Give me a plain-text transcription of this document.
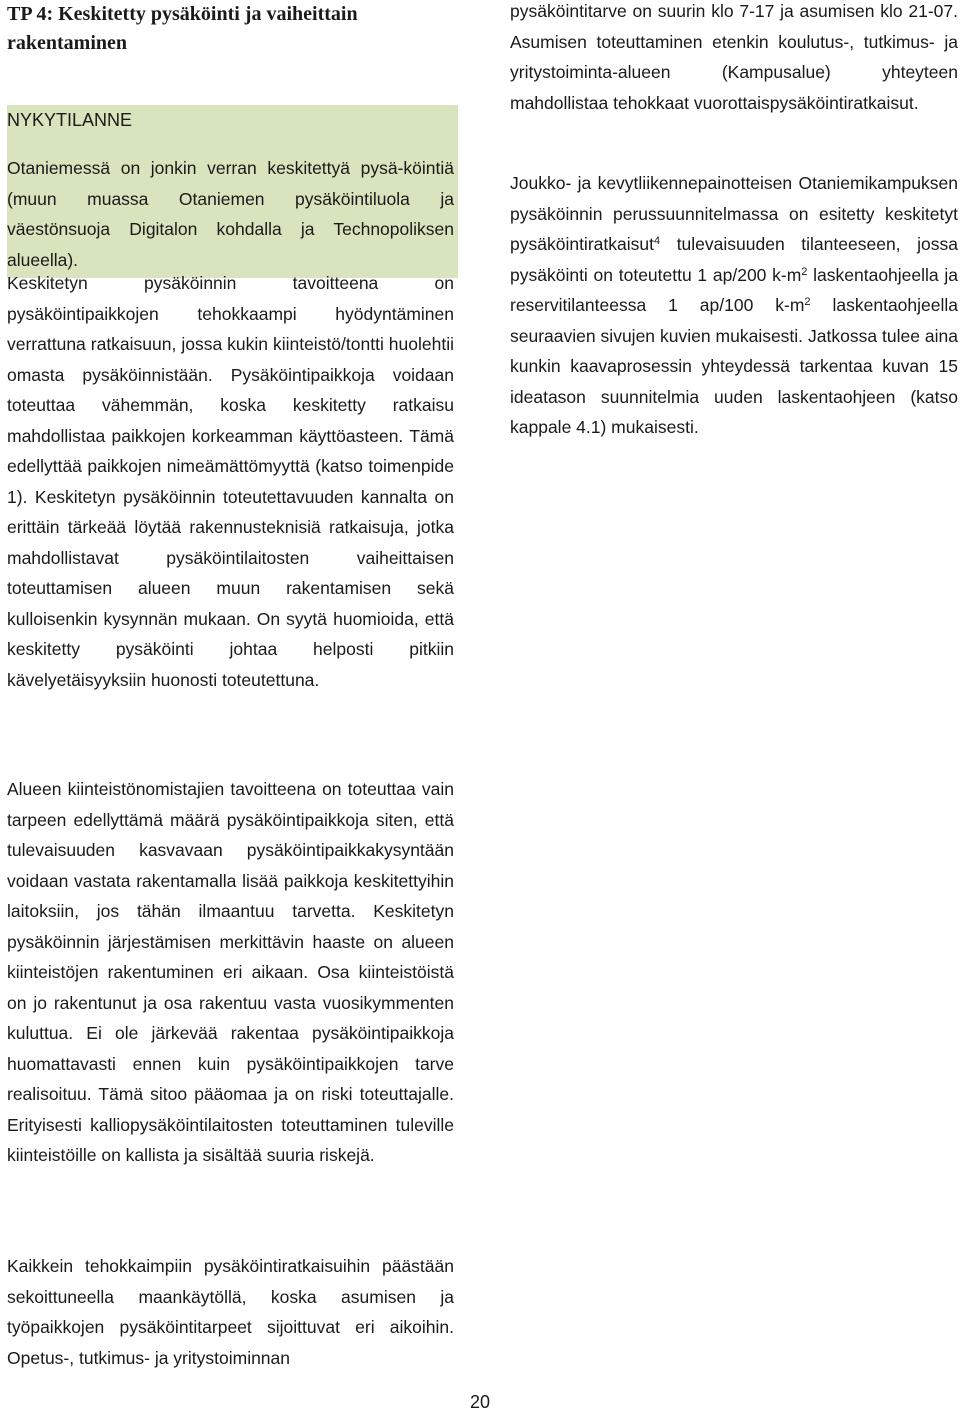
TP 4: Keskitetty pysäköinti ja vaiheittain rakentaminen
NYKYTILANNE
Otaniemessä on jonkin verran keskitettyä pysä-köintiä (muun muassa Otaniemen pysäköintiluola ja väestönsuoja Digitalon kohdalla ja Technopoliksen alueella).

Keskitetyn pysäköinnin tavoitteena on pysäköintipaikkojen tehokkaampi hyödyntäminen verrattuna ratkaisuun, jossa kukin kiinteistö/tontti huolehtii omasta pysäköinnistään. Pysäköintipaikkoja voidaan toteuttaa vähemmän, koska keskitetty ratkaisu mahdollistaa paikkojen korkeamman käyttöasteen. Tämä edellyttää paikkojen nimeämättömyyttä (katso toimenpide 1). Keskitetyn pysäköinnin toteutettavuuden kannalta on erittäin tärkeää löytää rakennusteknisiä ratkaisuja, jotka mahdollistavat pysäköintilaitosten vaiheittaisen toteuttamisen alueen muun rakentamisen sekä kulloisenkin kysynnän mukaan. On syytä huomioida, että keskitetty pysäköinti johtaa helposti pitkiin kävelyetäisyyksiin huonosti toteutettuna.

Alueen kiinteistönomistajien tavoitteena on toteuttaa vain tarpeen edellyttämä määrä pysäköintipaikkoja siten, että tulevaisuuden kasvavaan pysäköintipaikkakysyntään voidaan vastata rakentamalla lisää paikkoja keskitettyihin laitoksiin, jos tähän ilmaantuu tarvetta. Keskitetyn pysäköinnin järjestämisen merkittävin haaste on alueen kiinteistöjen rakentuminen eri aikaan. Osa kiinteistöistä on jo rakentunut ja osa rakentuu vasta vuosikymmenten kuluttua. Ei ole järkevää rakentaa pysäköintipaikkoja huomattavasti ennen kuin pysäköintipaikkojen tarve realisoituu. Tämä sitoo pääomaa ja on riski toteuttajalle. Erityisesti kalliopysäköintilaitosten toteuttaminen tuleville kiinteistöille on kallista ja sisältää suuria riskejä.

Kaikkein tehokkaimpiin pysäköintiratkaisuihin päästään sekoittuneella maankäytöllä, koska asumisen ja työpaikkojen pysäköintitarpeet sijoittuvat eri aikoihin. Opetus-, tutkimus- ja yritystoiminnan

pysäköintitarve on suurin klo 7-17 ja asumisen klo 21-07. Asumisen toteuttaminen etenkin koulutus-, tutkimus- ja yritystoiminta-alueen (Kampusalue) yhteyteen mahdollistaa tehokkaat vuorottaispysäköintiratkaisut.

Joukko- ja kevytliikennepainotteisen Otaniemikampuksen pysäköinnin perussuunnitelmassa on esitetty keskitetyt pysäköintiratkaisut$^4$ tulevaisuuden tilanteeseen, jossa pysäköinti on toteutettu 1 ap/200 $k-m^2$ laskentaohjeella ja reservitilanteessa 1 ap/100 $k-m^2$ laskentaohjeella seuraavien sivujen kuvien mukaisesti. Jatkossa tulee aina kunkin kaavaprosessin yhteydessä tarkentaa kuvan 15 ideatason suunnitelmia uuden laskentaohjeen (katso kappale 4.1) mukaisesti.

20
